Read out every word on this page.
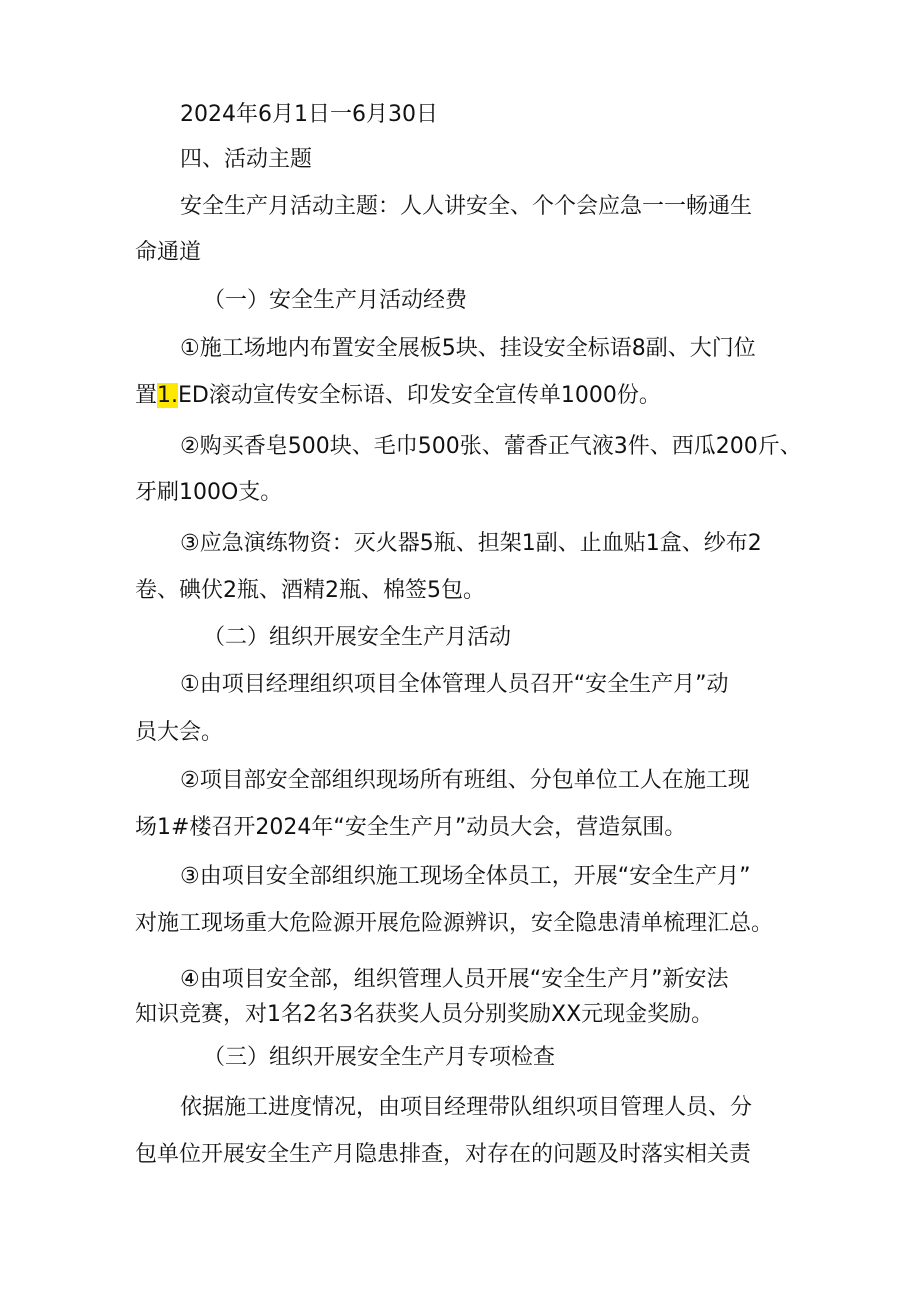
2024年6月1日一6月30日
四、活动主题
安全生产月活动主题：人人讲安全、个个会应急一一畅通生
命通道
（一）安全生产月活动经费
①施工场地内布置安全展板5块、挂设安全标语8副、大门位
置1.ED滚动宣传安全标语、印发安全宣传单1000份。
②购买香皂500块、毛巾500张、蕾香正气液3件、西瓜200斤、
牙刷100O支。
③应急演练物资：灭火器5瓶、担架1副、止血贴1盒、纱布2
卷、碘伏2瓶、酒精2瓶、棉签5包。
（二）组织开展安全生产月活动
①由项目经理组织项目全体管理人员召开“安全生产月”动
员大会。
②项目部安全部组织现场所有班组、分包单位工人在施工现
场1#楼召开2024年“安全生产月”动员大会，营造氛围。
③由项目安全部组织施工现场全体员工，开展“安全生产月”
对施工现场重大危险源开展危险源辨识，安全隐患清单梳理汇总。
④由项目安全部，组织管理人员开展“安全生产月”新安法
知识竞赛，对1名2名3名获奖人员分别奖励XX元现金奖励。
（三）组织开展安全生产月专项检查
依据施工进度情况，由项目经理带队组织项目管理人员、分
包单位开展安全生产月隐患排查，对存在的问题及时落实相关责
